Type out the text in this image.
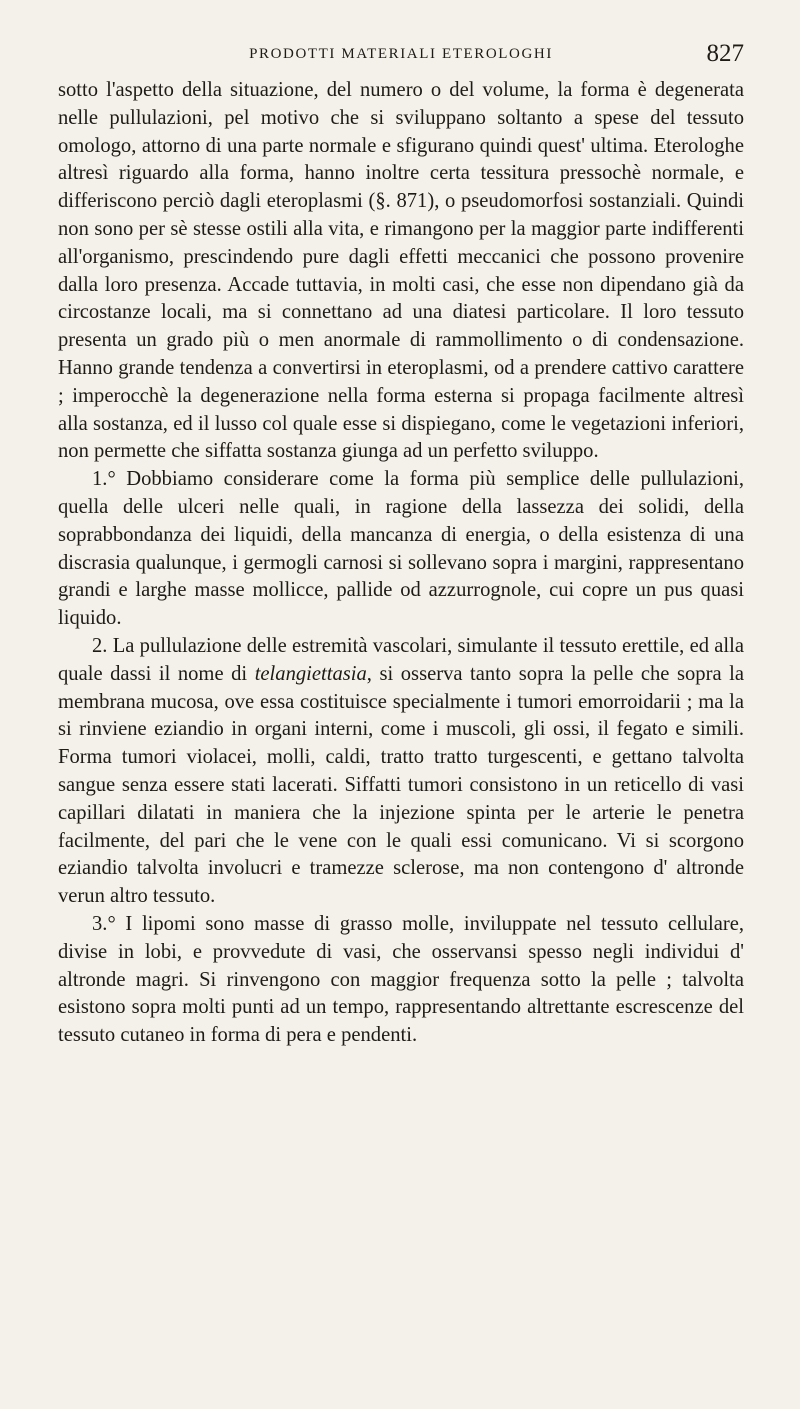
PRODOTTI MATERIALI ETEROLOGHI	827

sotto l'aspetto della situazione, del numero o del volume, la forma è degenerata nelle pullulazioni, pel motivo che si sviluppano soltanto a spese del tessuto omologo, attorno di una parte normale e sfigurano quindi quest' ultima. Eterologhe altresì riguardo alla forma, hanno inoltre certa tessitura pressochè normale, e differiscono perciò dagli eteroplasmi (§. 871), o pseudomorfosi sostanziali. Quindi non sono per sè stesse ostili alla vita, e rimangono per la maggior parte indifferenti all'organismo, prescindendo pure dagli effetti meccanici che possono provenire dalla loro presenza. Accade tuttavia, in molti casi, che esse non dipendano già da circostanze locali, ma si connettano ad una diatesi particolare. Il loro tessuto presenta un grado più o men anormale di rammollimento o di condensazione. Hanno grande tendenza a convertirsi in eteroplasmi, od a prendere cattivo carattere ; imperocchè la degenerazione nella forma esterna si propaga facilmente altresì alla sostanza, ed il lusso col quale esse si dispiegano, come le vegetazioni inferiori, non permette che siffatta sostanza giunga ad un perfetto sviluppo.

1.° Dobbiamo considerare come la forma più semplice delle pullulazioni, quella delle ulceri nelle quali, in ragione della lassezza dei solidi, della soprabbondanza dei liquidi, della mancanza di energia, o della esistenza di una discrasia qualunque, i germogli carnosi si sollevano sopra i margini, rappresentano grandi e larghe masse mollicce, pallide od azzurrognole, cui copre un pus quasi liquido.

2. La pullulazione delle estremità vascolari, simulante il tessuto erettile, ed alla quale dassi il nome di telangiettasia, si osserva tanto sopra la pelle che sopra la membrana mucosa, ove essa costituisce specialmente i tumori emorroidarii ; ma la si rinviene eziandio in organi interni, come i muscoli, gli ossi, il fegato e simili. Forma tumori violacei, molli, caldi, tratto tratto turgescenti, e gettano talvolta sangue senza essere stati lacerati. Siffatti tumori consistono in un reticello di vasi capillari dilatati in maniera che la injezione spinta per le arterie le penetra facilmente, del pari che le vene con le quali essi comunicano. Vi si scorgono eziandio talvolta involucri e tramezze sclerose, ma non contengono d' altronde verun altro tessuto.

3.° I lipomi sono masse di grasso molle, inviluppate nel tessuto cellulare, divise in lobi, e provvedute di vasi, che osservansi spesso negli individui d' altronde magri. Si rinvengono con maggior frequenza sotto la pelle ; talvolta esistono sopra molti punti ad un tempo, rappresentando altrettante escrescenze del tessuto cutaneo in forma di pera e pendenti.
